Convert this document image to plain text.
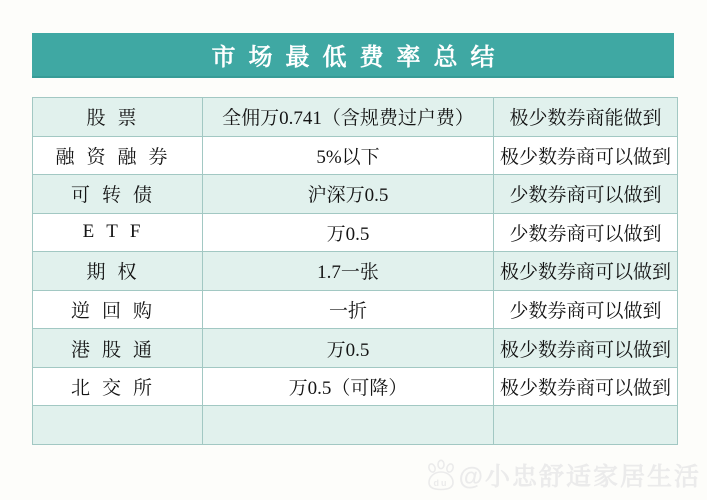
市场最低费率总结
股票	全佣万0.741（含规费过户费）	极少数券商能做到
融资融券	5%以下	极少数券商可以做到
可转债	沪深万0.5	少数券商可以做到
ETF	万0.5	少数券商可以做到
期权	1.7一张	极少数券商可以做到
逆回购	一折	少数券商可以做到
港股通	万0.5	极少数券商可以做到
北交所	万0.5（可降）	极少数券商可以做到

du @小忠舒适家居生活
